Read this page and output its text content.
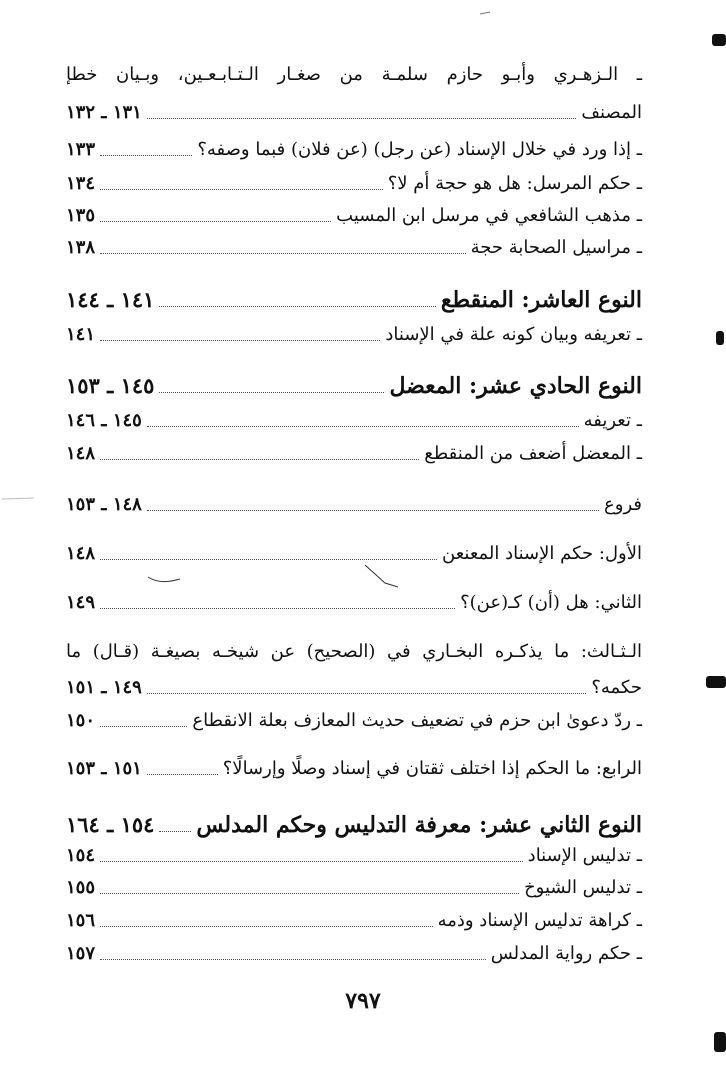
ـ الـزهـري وأبـو حازم سلمـة من صغـار الـتـابـعـين، وبـيان خطإ
المصنف
١٣١ ـ ١٣٢
ـ إذا ورد في خلال الإسناد (عن رجل) (عن فلان) فبما وصفه؟
١٣٣
ـ حكم المرسل: هل هو حجة أم لا؟
١٣٤
ـ مذهب الشافعي في مرسل ابن المسيب
١٣٥
ـ مراسيل الصحابة حجة
١٣٨
النوع العاشر: المنقطع
١٤١ ـ ١٤٤
ـ تعريفه وبيان كونه علة في الإسناد
١٤١
النوع الحادي عشر: المعضل
١٤٥ ـ ١٥٣
ـ تعريفه
١٤٥ ـ ١٤٦
ـ المعضل أضعف من المنقطع
١٤٨
فروع
١٤٨ ـ ١٥٣
الأول: حكم الإسناد المعنعن
١٤٨
الثاني: هل (أن) كـ(عن)؟
١٤٩
الـثـالث: ما يذكـره البخـاري في (الصحيح) عن شيخـه بصيغـة (قـال) ما
حكمه؟
١٤٩ ـ ١٥١
ـ ردّ دعوىٰ ابن حزم في تضعيف حديث المعازف بعلة الانقطاع
١٥٠
الرابع: ما الحكم إذا اختلف ثقتان في إسناد وصلًا وإرسالًا؟
١٥١ ـ ١٥٣
النوع الثاني عشر: معرفة التدليس وحكم المدلس
١٥٤ ـ ١٦٤
ـ تدليس الإسناد
١٥٤
ـ تدليس الشيوخ
١٥٥
ـ كراهة تدليس الإسناد وذمه
١٥٦
ـ حكم رواية المدلس
١٥٧
٧٩٧
